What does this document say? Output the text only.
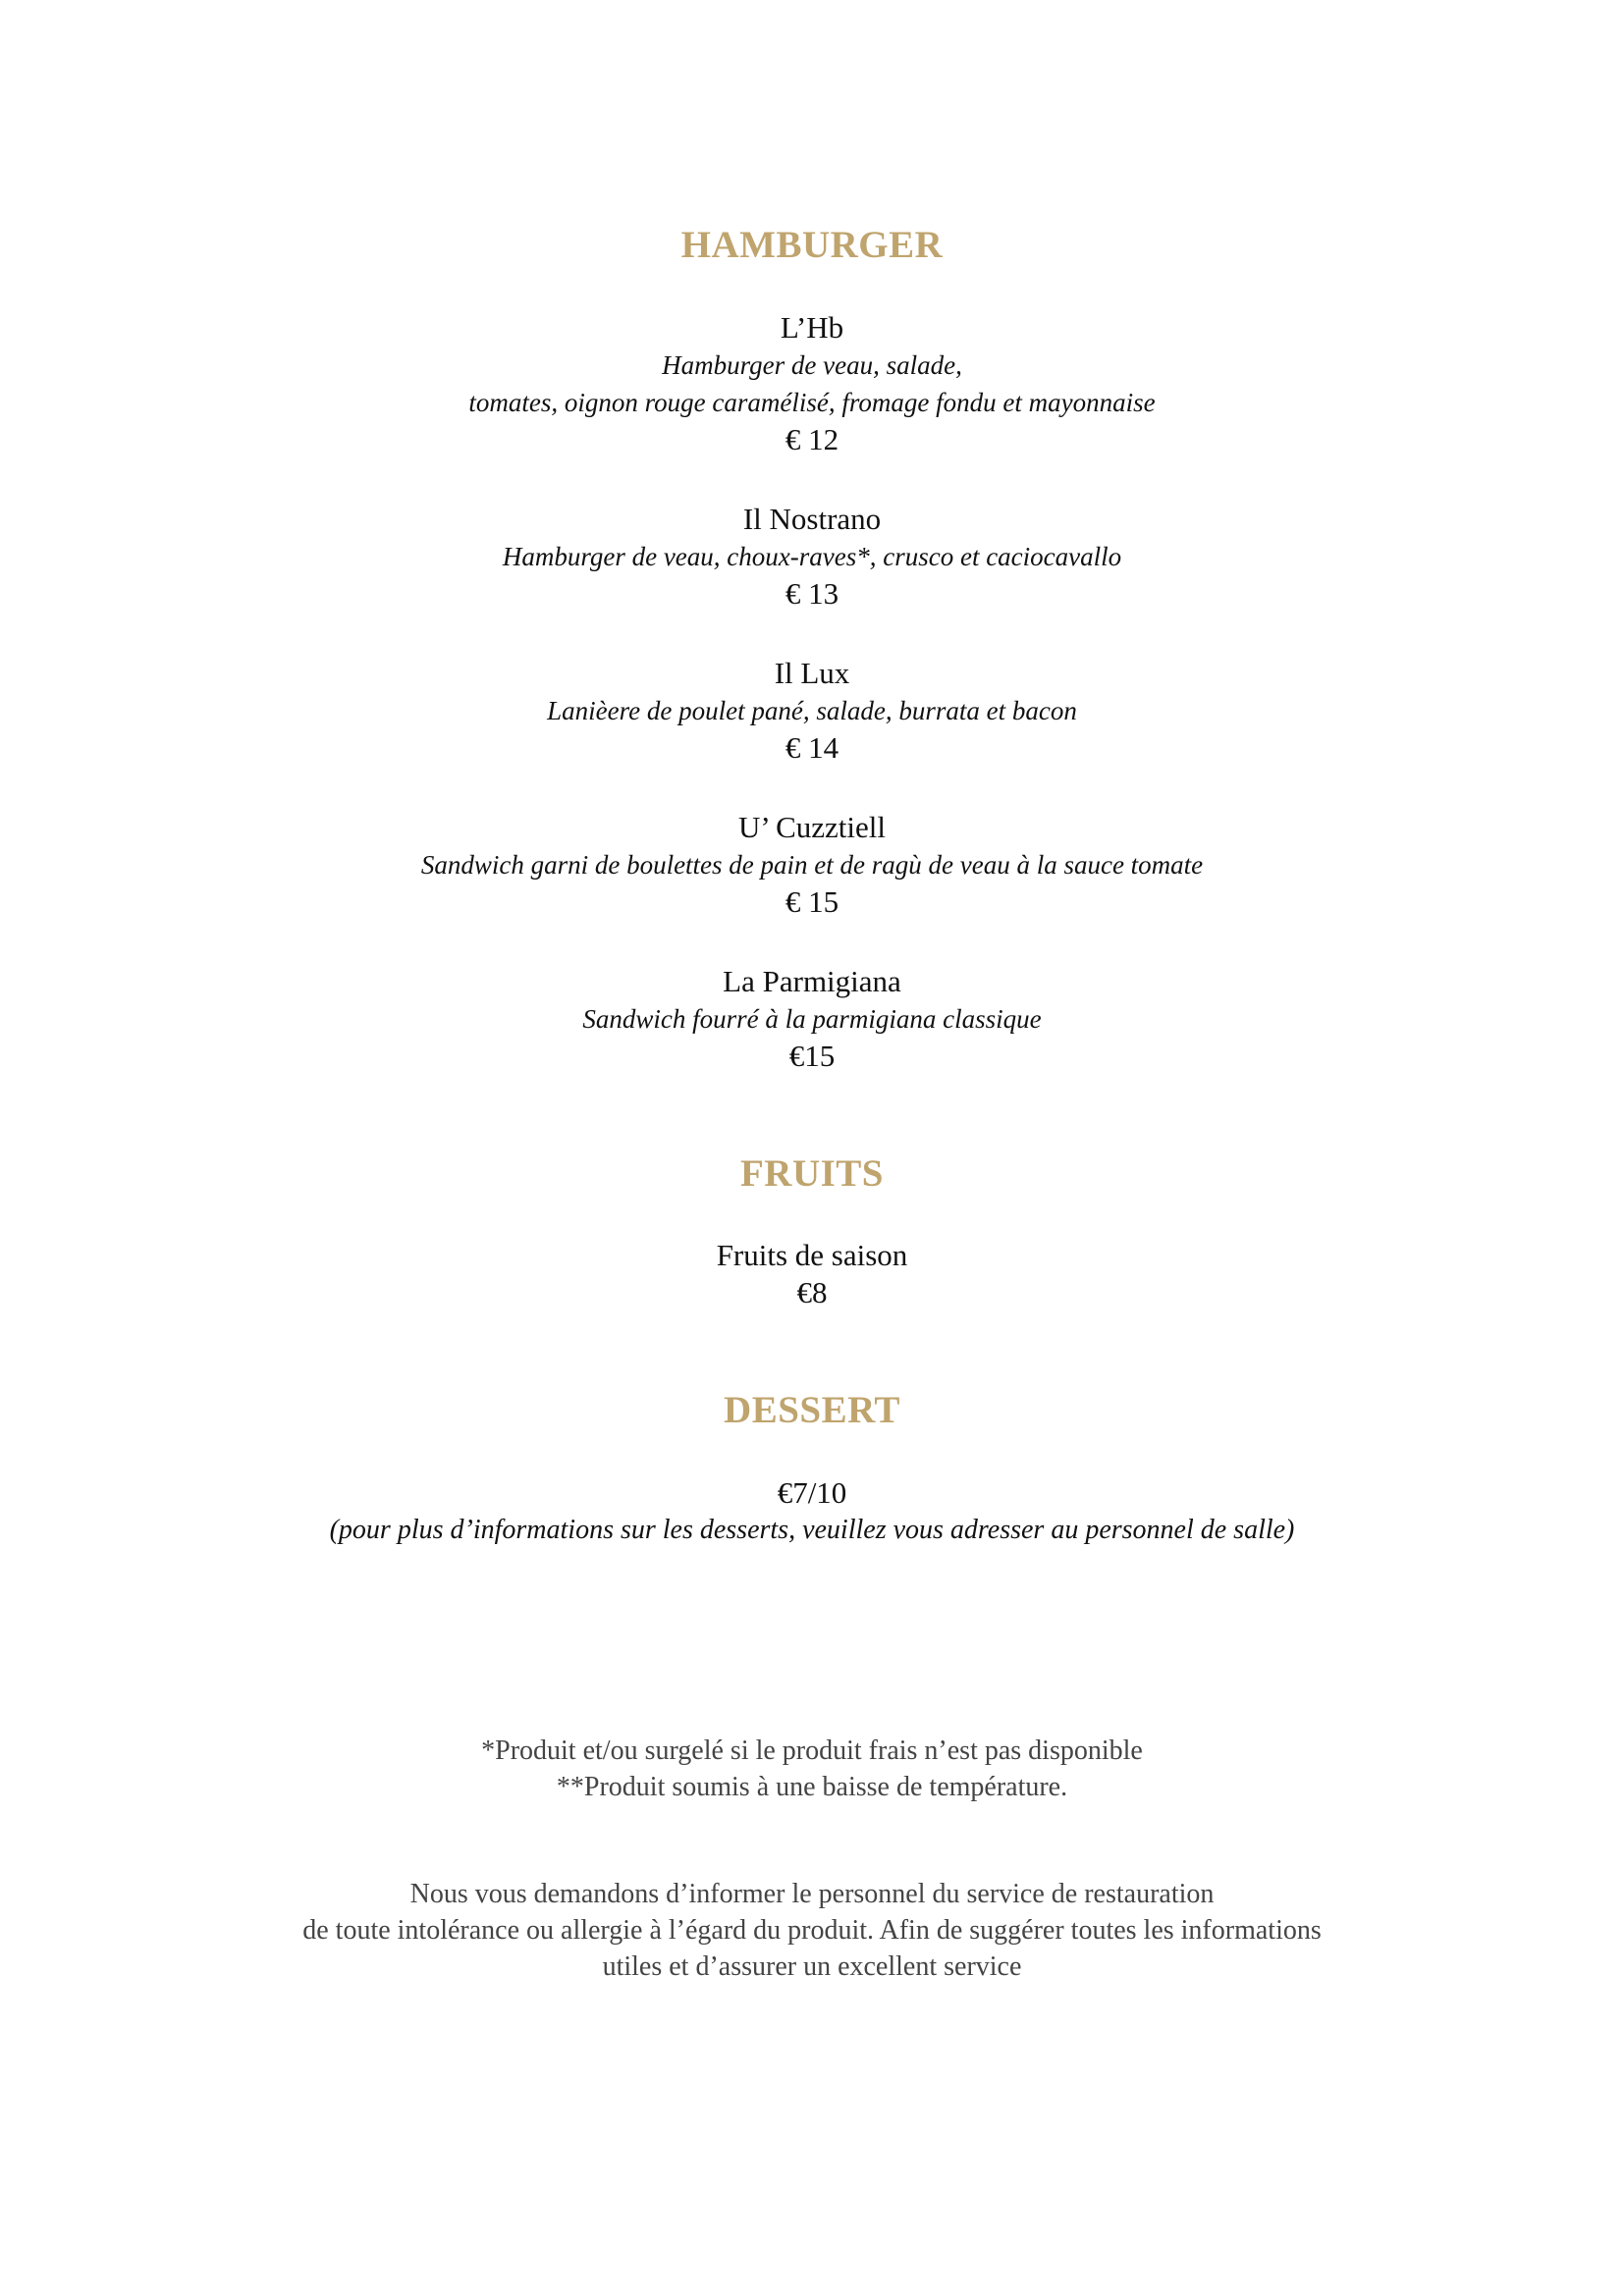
HAMBURGER
L’Hb
Hamburger de veau, salade,
tomates, oignon rouge caramélisé, fromage fondu et mayonnaise
€ 12
Il Nostrano
Hamburger de veau, choux-raves*, crusco et caciocavallo
€ 13
Il Lux
Lanièere de poulet pané, salade, burrata et bacon
€ 14
U’ Cuzztiell
Sandwich garni de boulettes de pain et de ragù de veau à la sauce tomate
€ 15
La Parmigiana
Sandwich fourré à la parmigiana classique
€15
FRUITS
Fruits de saison
€8
DESSERT
€7/10
(pour plus d’informations sur les desserts, veuillez vous adresser au personnel de salle)
*Produit et/ou surgelé si le produit frais n’est pas disponible
**Produit soumis à une baisse de température.
Nous vous demandons d’informer le personnel du service de restauration
de toute intolérance ou allergie à l’égard du produit. Afin de suggérer toutes les informations
utiles et d’assurer un excellent service
